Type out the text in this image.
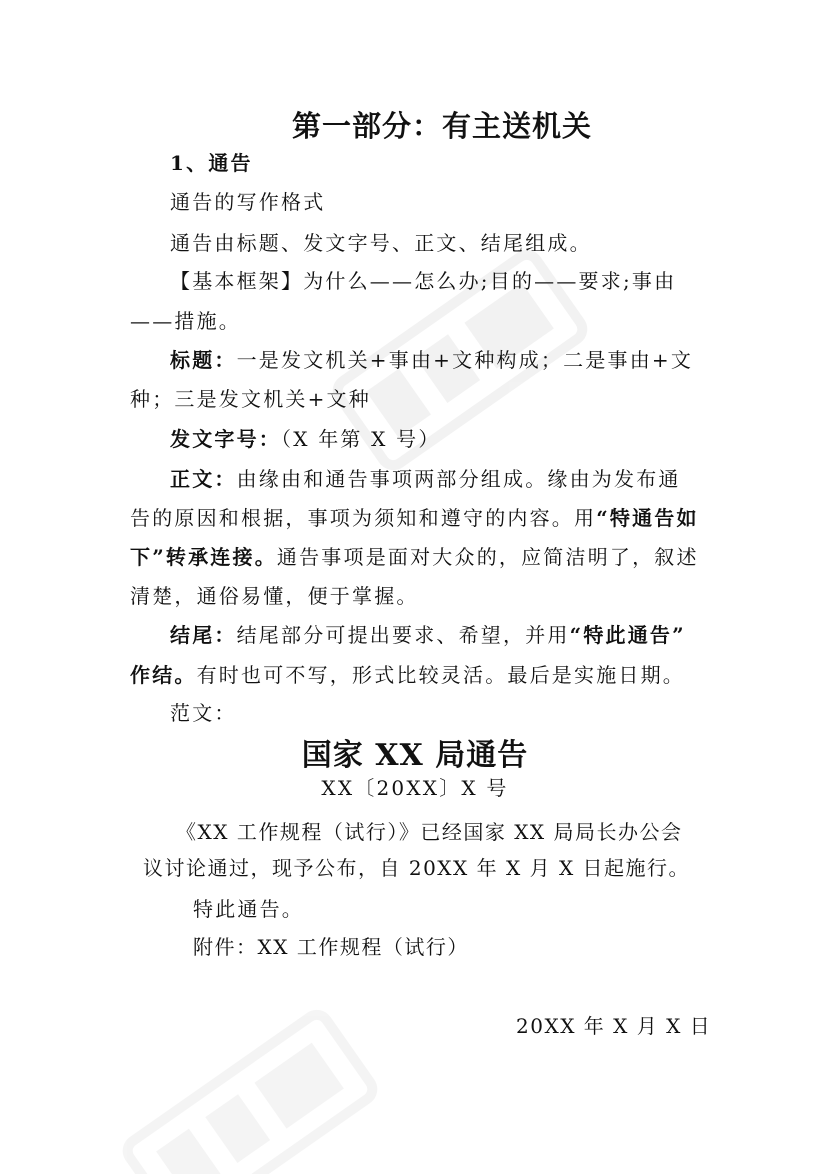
第一部分：有主送机关
1、通告
通告的写作格式
通告由标题、发文字号、正文、结尾组成。
【基本框架】为什么——怎么办;目的——要求;事由
——措施。
标题：一是发文机关+事由+文种构成；二是事由+文
种；三是发文机关+文种
发文字号：（X 年第 X 号）
正文：由缘由和通告事项两部分组成。缘由为发布通
告的原因和根据，事项为须知和遵守的内容。用“特通告如
下”转承连接。通告事项是面对大众的，应简洁明了，叙述
清楚，通俗易懂，便于掌握。
结尾：结尾部分可提出要求、希望，并用“特此通告”
作结。有时也可不写，形式比较灵活。最后是实施日期。
范文：
国家 XX 局通告
XX〔20XX〕X 号
《XX 工作规程（试行）》已经国家 XX 局局长办公会
议讨论通过，现予公布，自 20XX 年 X 月 X 日起施行。
特此通告。
附件：XX 工作规程（试行）
20XX 年 X 月 X 日
